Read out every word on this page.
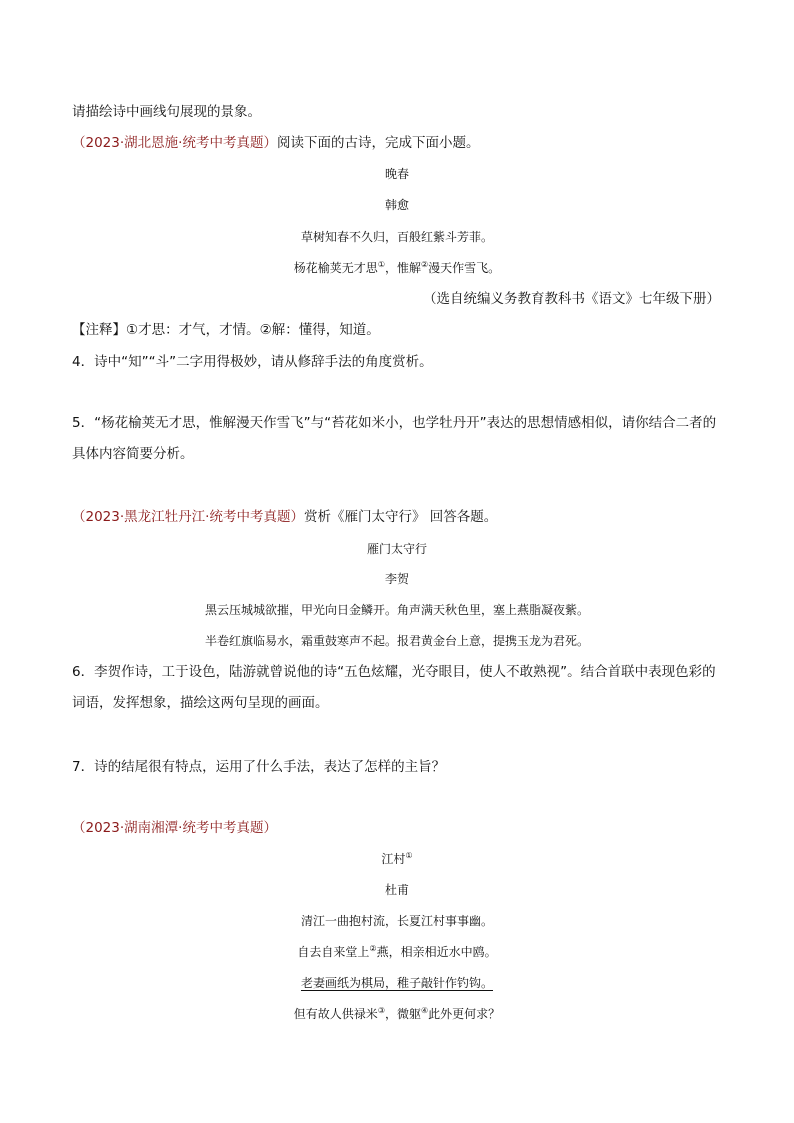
请描绘诗中画线句展现的景象。
（2023·湖北恩施·统考中考真题）阅读下面的古诗，完成下面小题。
晚春
韩愈
草树知春不久归，百般红紫斗芳菲。
杨花榆荚无才思①，惟解②漫天作雪飞。
（选自统编义务教育教科书《语文》七年级下册）
【注释】①才思：才气，才情。②解：懂得，知道。
4．诗中“知”“斗”二字用得极妙，请从修辞手法的角度赏析。
5．“杨花榆荚无才思，惟解漫天作雪飞”与“苔花如米小，也学牡丹开”表达的思想情感相似，请你结合二者的具体内容简要分析。
（2023·黑龙江牡丹江·统考中考真题）赏析《雁门太守行》 回答各题。
雁门太守行
李贺
黑云压城城欲摧，甲光向日金鳞开。角声满天秋色里，塞上燕脂凝夜紫。
半卷红旗临易水，霜重鼓寒声不起。报君黄金台上意，提携玉龙为君死。
6．李贺作诗，工于设色，陆游就曾说他的诗“五色炫耀，光夺眼目，使人不敢熟视”。结合首联中表现色彩的词语，发挥想象，描绘这两句呈现的画面。
7．诗的结尾很有特点，运用了什么手法，表达了怎样的主旨？
（2023·湖南湘潭·统考中考真题）
江村①
杜甫
清江一曲抱村流，长夏江村事事幽。
自去自来堂上②燕，相亲相近水中鸥。
老妻画纸为棋局，稚子敲针作钓钩。
但有故人供禄米③，微躯④此外更何求？
